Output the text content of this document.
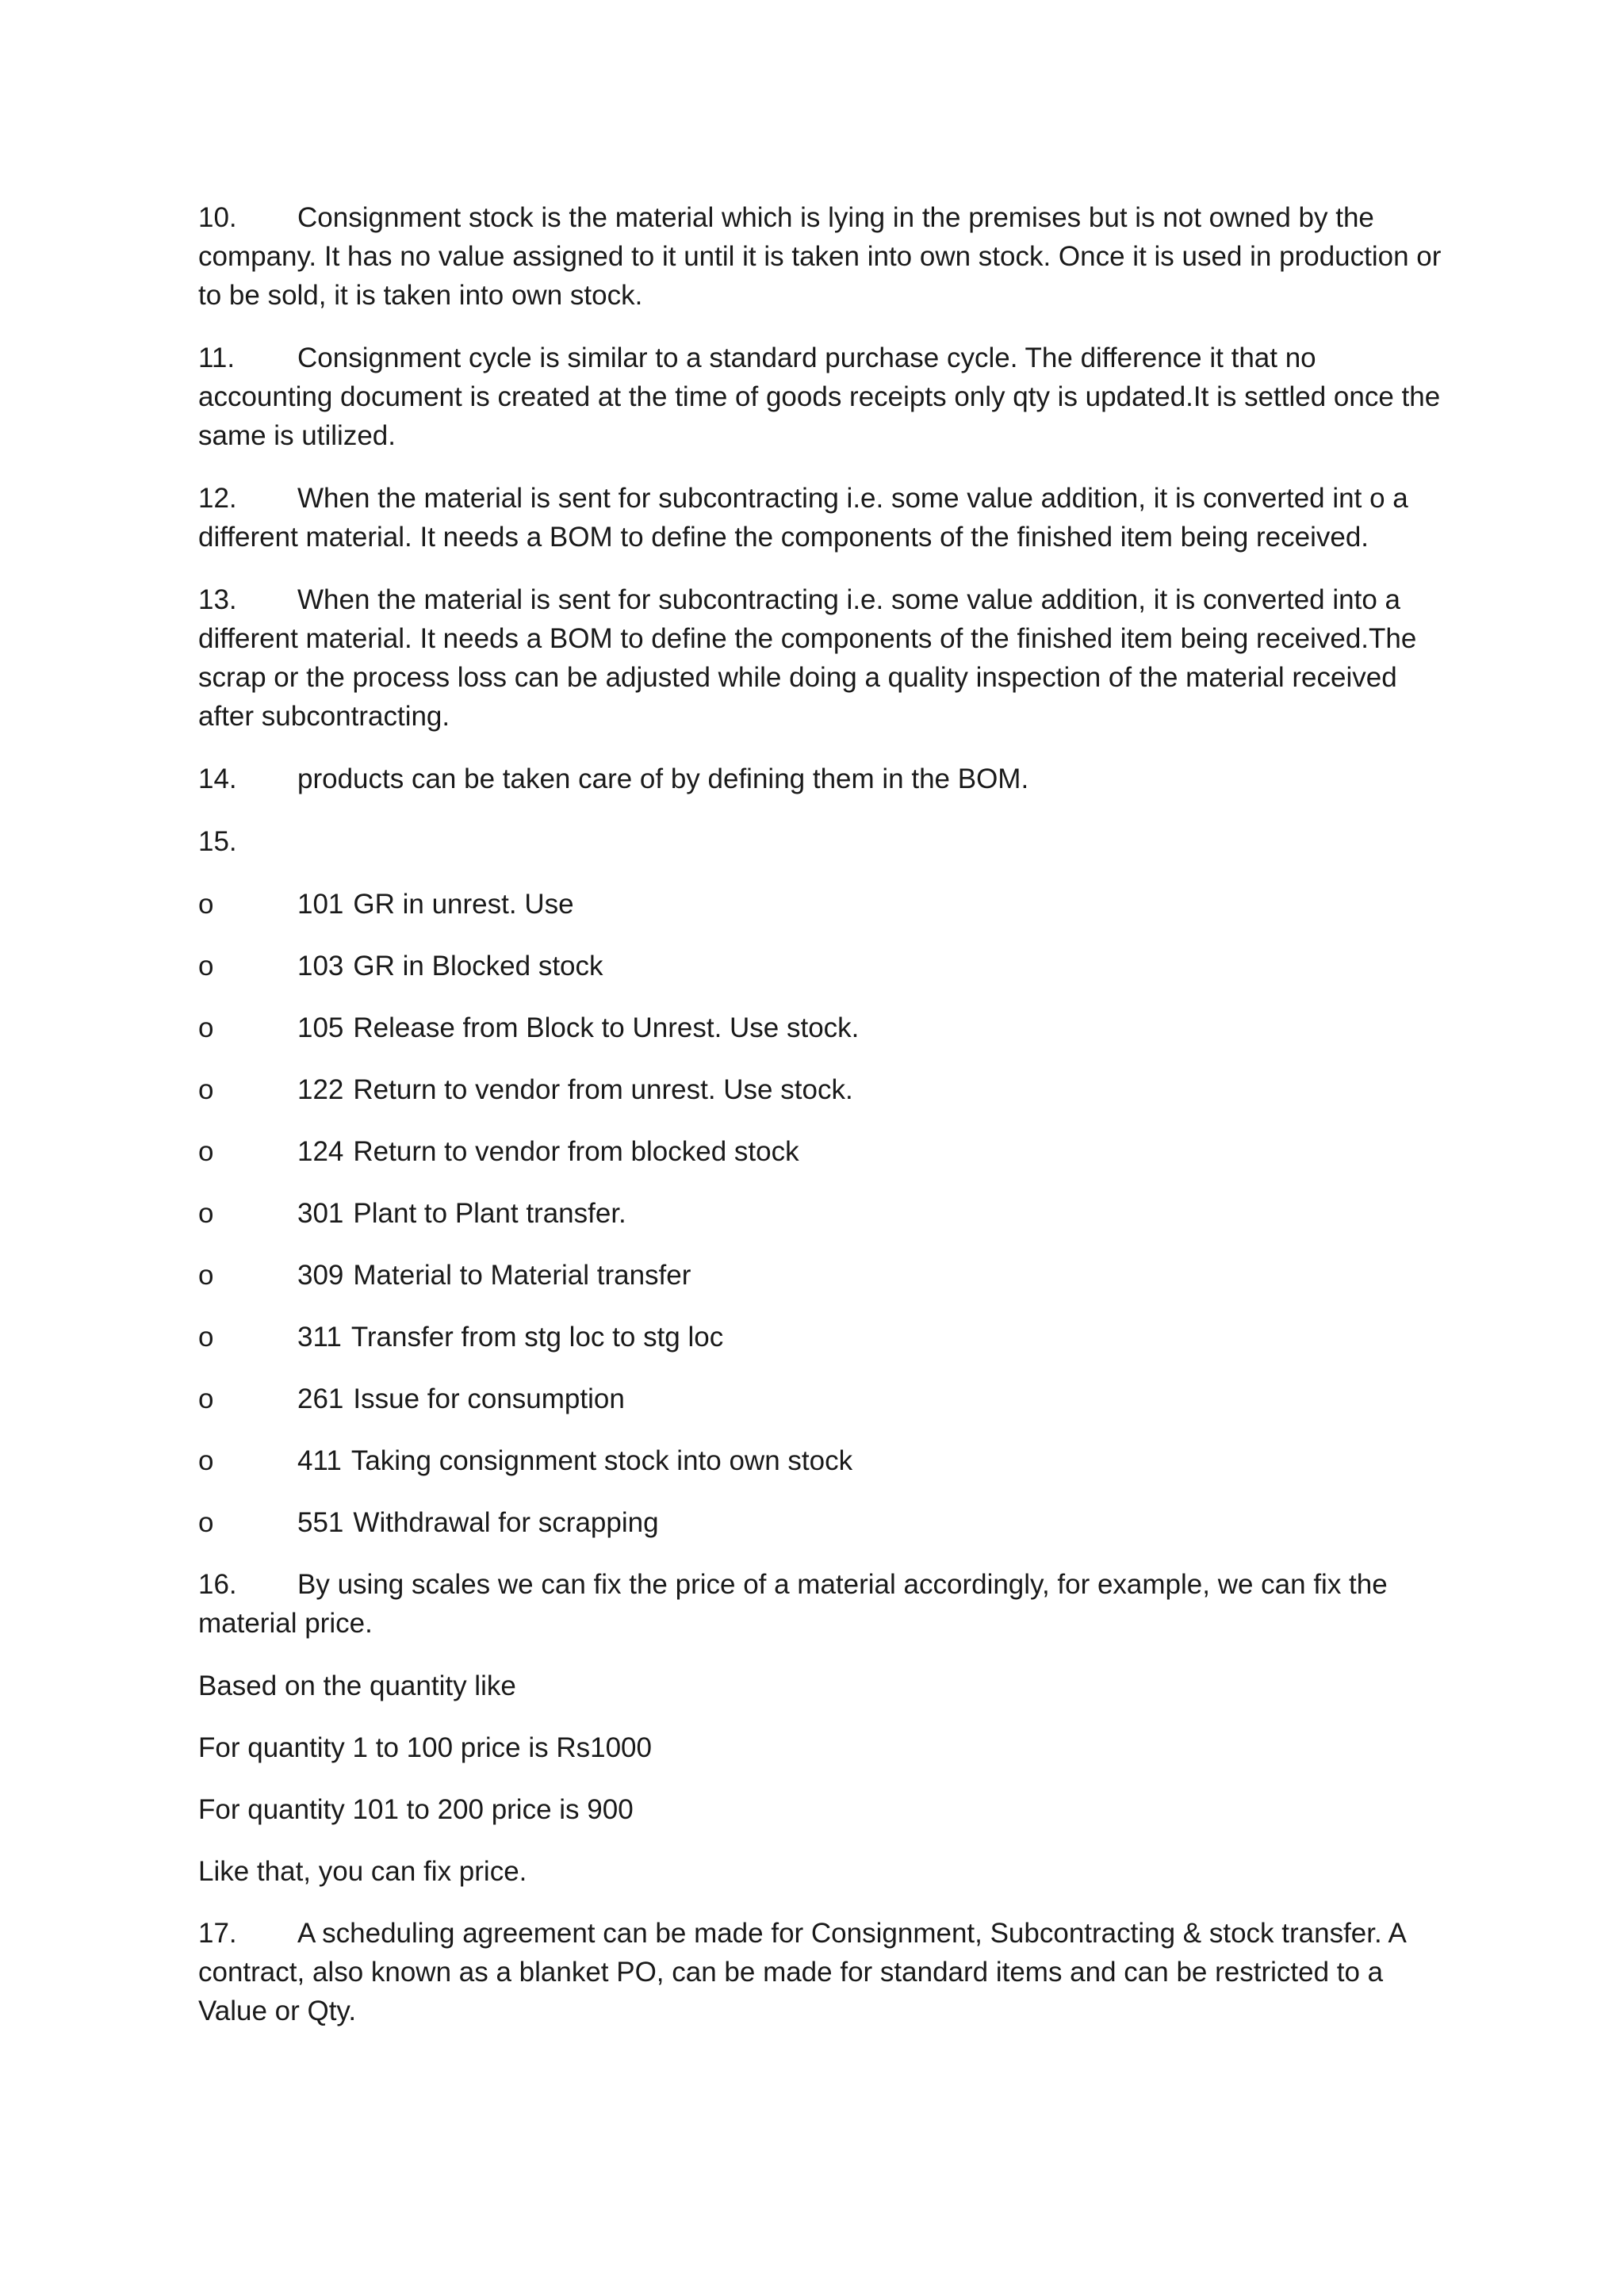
10. Consignment stock is the material which is lying in the premises but is not owned by the company. It has no value assigned to it until it is taken into own stock. Once it is used in production or to be sold, it is taken into own stock.

11. Consignment cycle is similar to a standard purchase cycle. The difference it that no accounting document is created at the time of goods receipts only qty is updated.It is settled once the same is utilized.

12. When the material is sent for subcontracting i.e. some value addition, it is converted int o a different material. It needs a BOM to define the components of the finished item being received.

13. When the material is sent for subcontracting i.e. some value addition, it is converted into a different material. It needs a BOM to define the components of the finished item being received.The scrap or the process loss can be adjusted while doing a quality inspection of the material received after subcontracting.

14. products can be taken care of by defining them in the BOM.

15.

o	101 GR in unrest. Use
o	103 GR in Blocked stock
o	105 Release from Block to Unrest. Use stock.
o	122 Return to vendor from unrest. Use stock.
o	124 Return to vendor from blocked stock
o	301 Plant to Plant transfer.
o	309 Material to Material transfer
o	311 Transfer from stg loc to stg loc
o	261 Issue for consumption
o	411 Taking consignment stock into own stock
o	551 Withdrawal for scrapping

16. By using scales we can fix the price of a material accordingly, for example, we can fix the material price.

Based on the quantity like

For quantity 1 to 100 price is Rs1000

For quantity 101 to 200 price is 900

Like that, you can fix price.

17. A scheduling agreement can be made for Consignment, Subcontracting & stock transfer. A contract, also known as a blanket PO, can be made for standard items and can be restricted to a Value or Qty.
